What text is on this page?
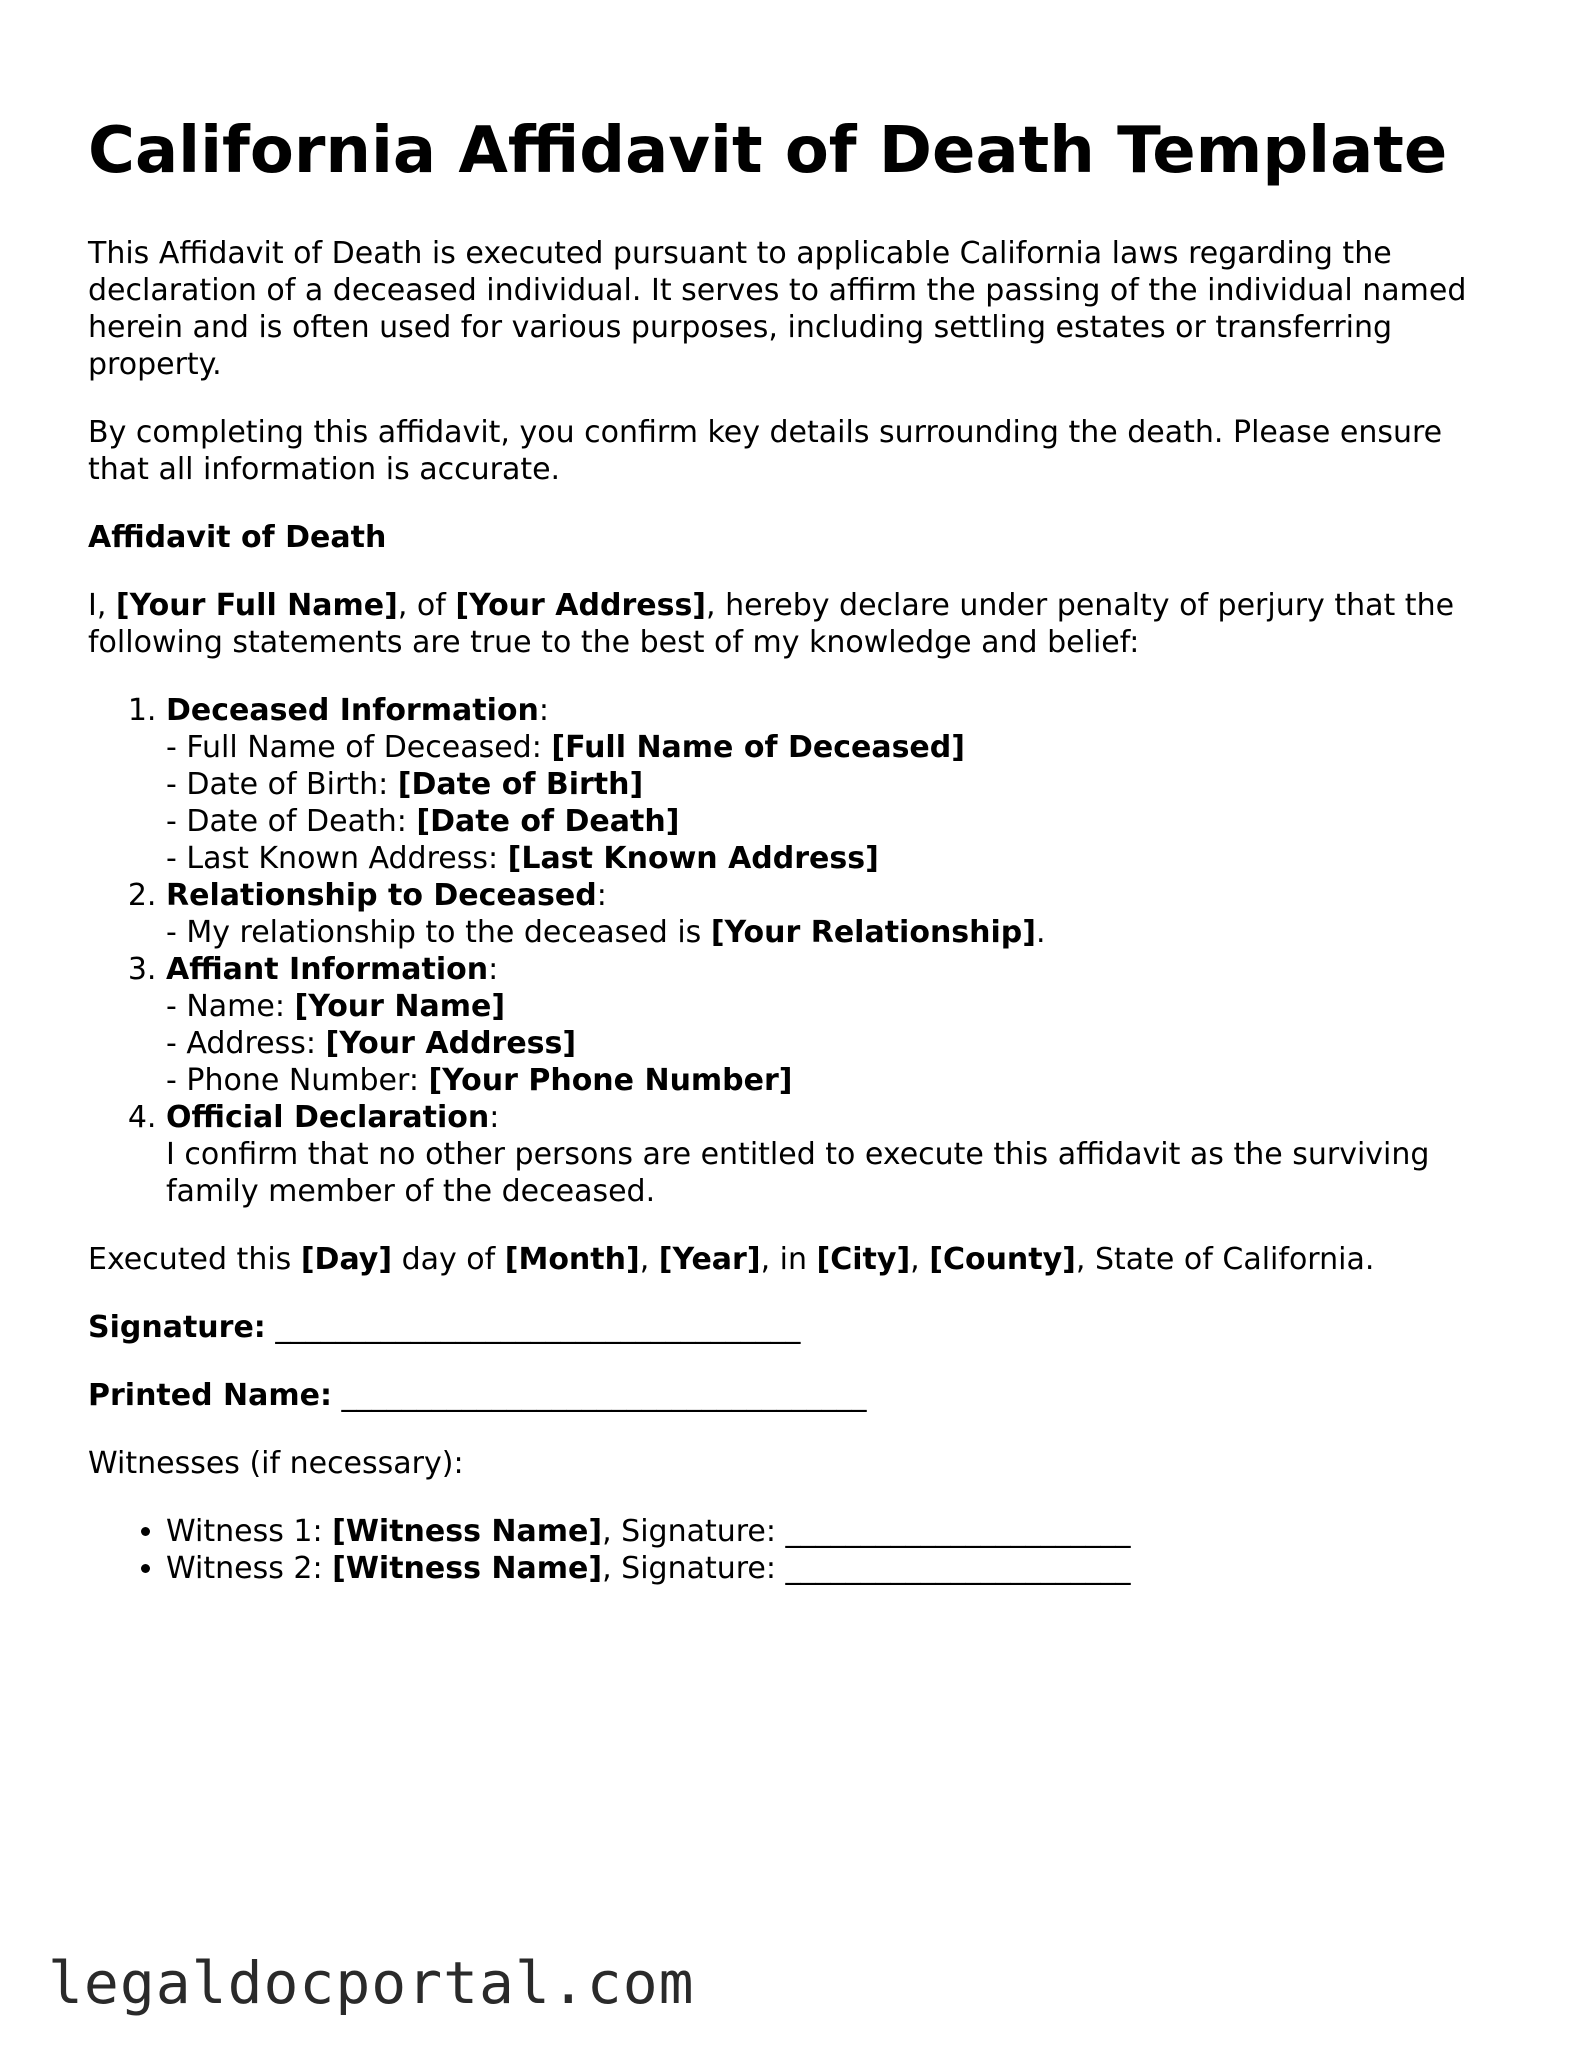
California Affidavit of Death Template

This Affidavit of Death is executed pursuant to applicable California laws regarding the declaration of a deceased individual. It serves to affirm the passing of the individual named herein and is often used for various purposes, including settling estates or transferring property.

By completing this affidavit, you confirm key details surrounding the death. Please ensure that all information is accurate.

Affidavit of Death

I, [Your Full Name], of [Your Address], hereby declare under penalty of perjury that the following statements are true to the best of my knowledge and belief:

1. Deceased Information:
- Full Name of Deceased: [Full Name of Deceased]
- Date of Birth: [Date of Birth]
- Date of Death: [Date of Death]
- Last Known Address: [Last Known Address]
2. Relationship to Deceased:
- My relationship to the deceased is [Your Relationship].
3. Affiant Information:
- Name: [Your Name]
- Address: [Your Address]
- Phone Number: [Your Phone Number]
4. Official Declaration:
I confirm that no other persons are entitled to execute this affidavit as the surviving family member of the deceased.

Executed this [Day] day of [Month], [Year], in [City], [County], State of California.

Signature: ___________________________________

Printed Name: ___________________________________

Witnesses (if necessary):

• Witness 1: [Witness Name], Signature: _______________________
• Witness 2: [Witness Name], Signature: _______________________
legaldocportal.com
